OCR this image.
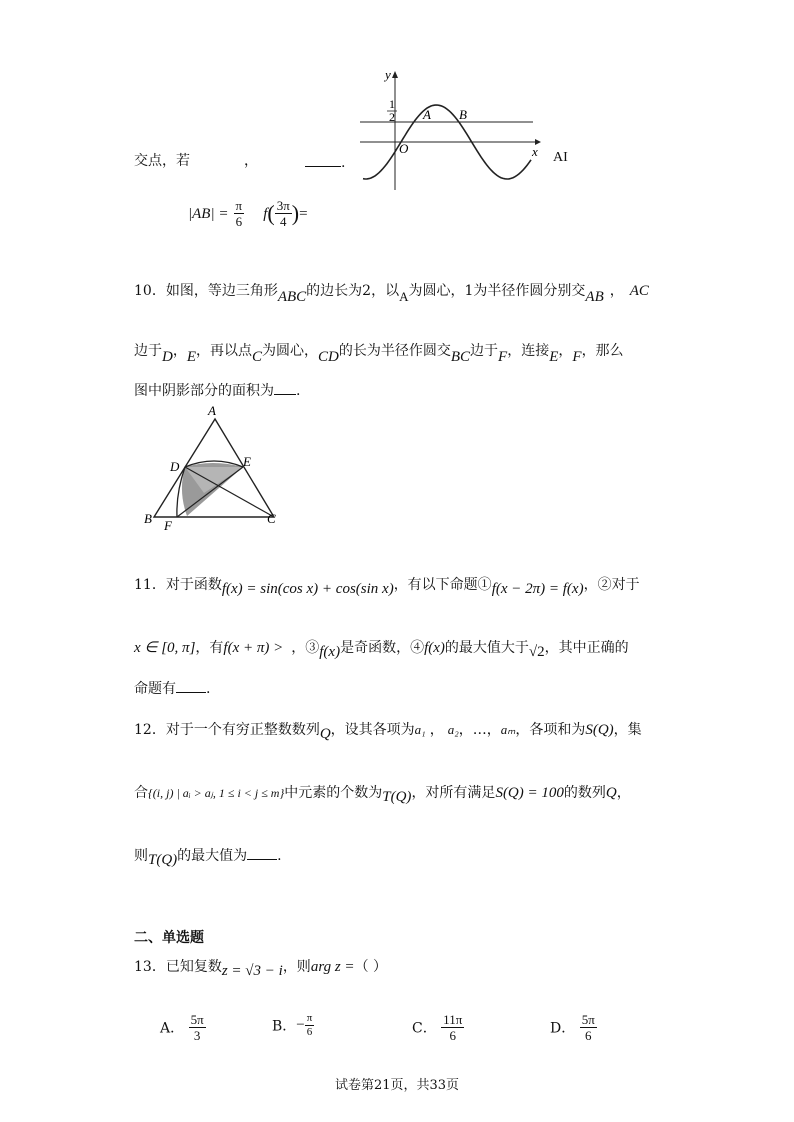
y
x
O
1
2 A B
AI
交点，若	，	.
$|AB| = \frac{\pi}{6} f( \frac{3\pi}{4}$ )=
10．如图，等边三角形ABC的边长为2，以A为圆心，1为半径作圆分别交AB ， AC
边于D，E，再以点C为圆心，CD的长为半径作圆交BC边于F，连接E，F，那么
图中阴影部分的面积为 .
A
D	E
B F	C
11．对于函数f(x) = sin(cos x) + cos(sin x)，有以下命题①f(x − 2π) = f(x)，②对于
x ∈ [0, π]，有f(x + π) > ，③f(x)是奇函数，④f(x)的最大值大于√2，其中正确的
命题有 .
12．对于一个有穷正整数数列Q，设其各项为a₁ ， a₂，…，aₘ，各项和为S(Q)，集
合{(i, j) | aᵢ > aⱼ, 1 ≤ i < j ≤ m}中元素的个数为T(Q)，对所有满足S(Q) = 100的数列Q，
则T(Q)的最大值为 .
二、单选题
13．已知复数z = √3 − i，则arg z =（ ）
A． $\frac{5\pi}{3}$	B．− $\frac{\pi}{6}$	C． $\frac{11\pi}{6}$	D． $\frac{5\pi}{6}$
试卷第21页，共33页
